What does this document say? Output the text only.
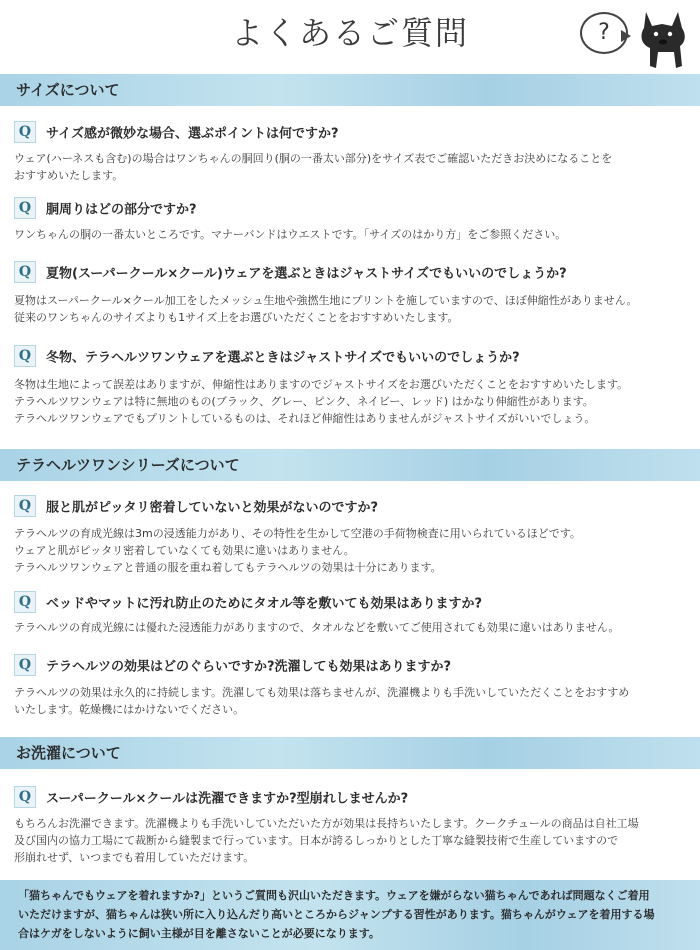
よくあるご質問	?
サイズについて
Q サイズ感が微妙な場合、選ぶポイントは何ですか?
ウェア(ハーネスも含む)の場合はワンちゃんの胴回り(胴の一番太い部分)をサイズ表でご確認いただきお決めになることを
おすすめいたします。
Q 胴周りはどの部分ですか?
ワンちゃんの胴の一番太いところです。マナーバンドはウエストです。「サイズのはかり方」をご参照ください。
Q 夏物(スーパークール×クール)ウェアを選ぶときはジャストサイズでもいいのでしょうか?
夏物はスーパークール×クール加工をしたメッシュ生地や強撚生地にプリントを施していますので、ほぼ伸縮性がありません。
従来のワンちゃんのサイズよりも1サイズ上をお選びいただくことをおすすめいたします。
Q 冬物、テラヘルツワンウェアを選ぶときはジャストサイズでもいいのでしょうか?
冬物は生地によって誤差はありますが、伸縮性はありますのでジャストサイズをお選びいただくことをおすすめいたします。
テラヘルツワンウェアは特に無地のもの(ブラック、グレー、ピンク、ネイビー、レッド) はかなり伸縮性があります。
テラヘルツワンウェアでもプリントしているものは、それほど伸縮性はありませんがジャストサイズがいいでしょう。
テラヘルツワンシリーズについて
Q 服と肌がピッタリ密着していないと効果がないのですか?
テラヘルツの育成光線は3mの浸透能力があり、その特性を生かして空港の手荷物検査に用いられているほどです。
ウェアと肌がピッタリ密着していなくても効果に違いはありません。
テラヘルツワンウェアと普通の服を重ね着してもテラヘルツの効果は十分にあります。
Q ベッドやマットに汚れ防止のためにタオル等を敷いても効果はありますか?
テラヘルツの育成光線には優れた浸透能力がありますので、タオルなどを敷いてご使用されても効果に違いはありません。
Q テラヘルツの効果はどのぐらいですか?洗濯しても効果はありますか?
テラヘルツの効果は永久的に持続します。洗濯しても効果は落ちませんが、洗濯機よりも手洗いしていただくことをおすすめ
いたします。乾燥機にはかけないでください。
お洗濯について
Q スーパークール×クールは洗濯できますか?型崩れしませんか?
もちろんお洗濯できます。洗濯機よりも手洗いしていただいた方が効果は長持ちいたします。クークチュールの商品は自社工場
及び国内の協力工場にて裁断から縫製まで行っています。日本が誇るしっかりとした丁寧な縫製技術で生産していますので
形崩れせず、いつまでも着用していただけます。
「猫ちゃんでもウェアを着れますか?」というご質問も沢山いただきます。ウェアを嫌がらない猫ちゃんであれば問題なくご着用
いただけますが、猫ちゃんは狭い所に入り込んだり高いところからジャンプする習性があります。猫ちゃんがウェアを着用する場
合はケガをしないように飼い主様が目を離さないことが必要になります。
